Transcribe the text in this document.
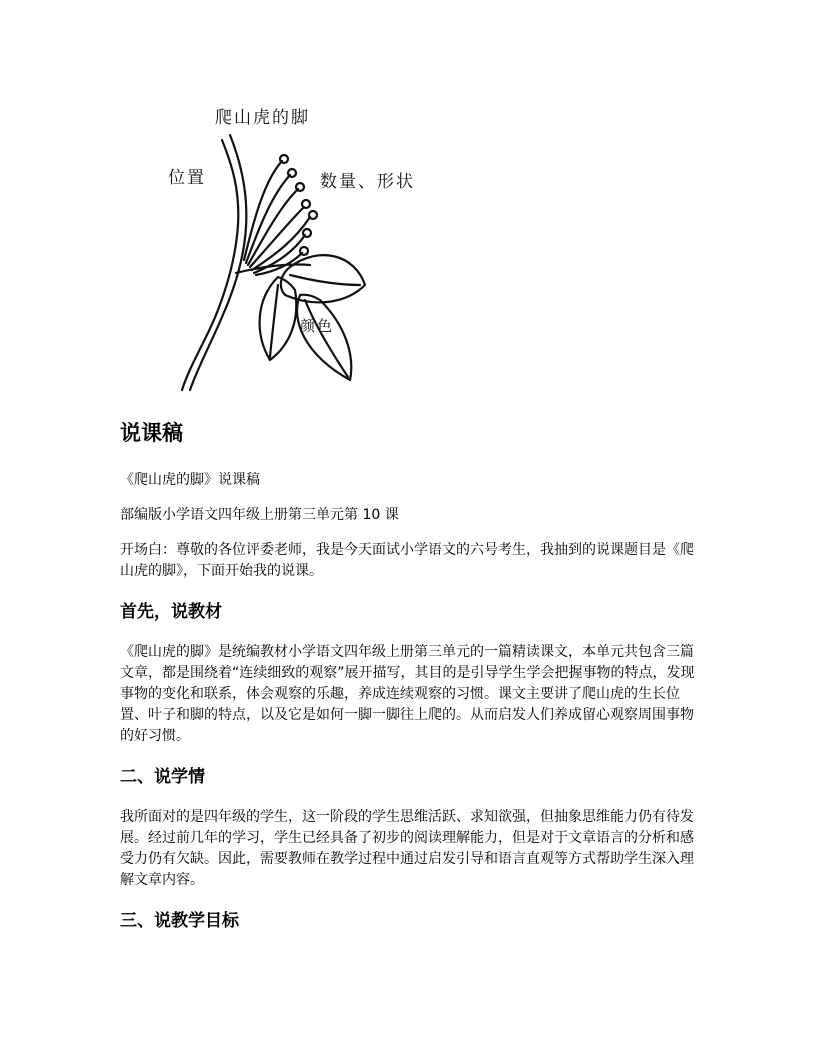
爬山虎的脚
位置	数量、形状
颜色
说课稿

《爬山虎的脚》说课稿

部编版小学语文四年级上册第三单元第 10 课

开场白：尊敬的各位评委老师，我是今天面试小学语文的六号考生，我抽到的说课题目是《爬山虎的脚》，下面开始我的说课。

首先，说教材

《爬山虎的脚》是统编教材小学语文四年级上册第三单元的一篇精读课文，本单元共包含三篇文章，都是围绕着“连续细致的观察”展开描写，其目的是引导学生学会把握事物的特点，发现事物的变化和联系，体会观察的乐趣，养成连续观察的习惯。课文主要讲了爬山虎的生长位置、叶子和脚的特点，以及它是如何一脚一脚往上爬的。从而启发人们养成留心观察周围事物的好习惯。

二、说学情

我所面对的是四年级的学生，这一阶段的学生思维活跃、求知欲强，但抽象思维能力仍有待发展。经过前几年的学习，学生已经具备了初步的阅读理解能力，但是对于文章语言的分析和感受力仍有欠缺。因此，需要教师在教学过程中通过启发引导和语言直观等方式帮助学生深入理解文章内容。

三、说教学目标
